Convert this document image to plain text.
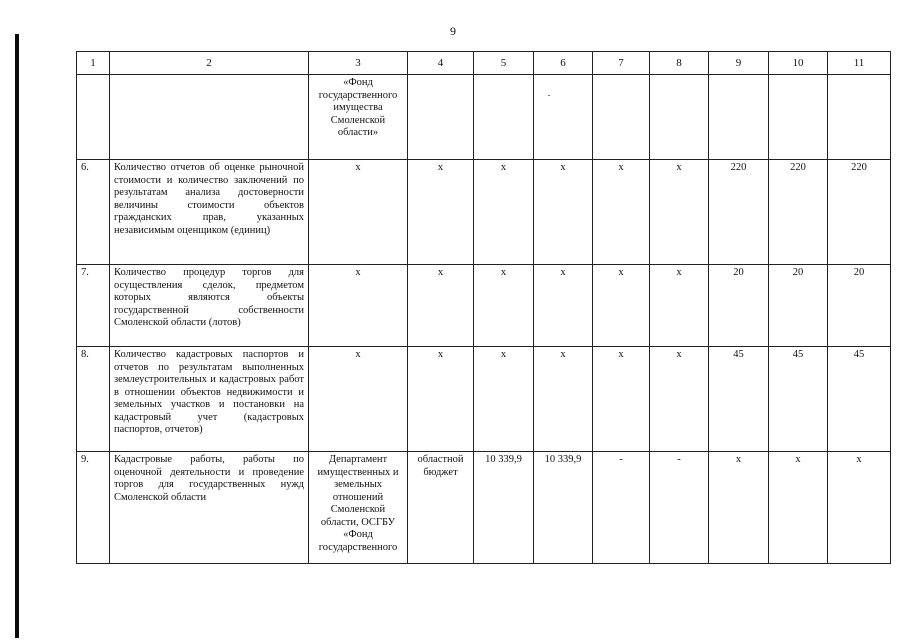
9
1	2	3	4	5	6	7	8	9	10	11
		«Фонд государственного имущества Смоленской области»			

6.	Количество отчетов об оценке рыночной стоимости и количество заключений по результатам анализа достоверности величины стоимости объектов гражданских прав, указанных независимым оценщиком (единиц)	х	х	х	х	х	х	220	220	220
7.	Количество процедур торгов для осуществления сделок, предметом которых являются объекты государственной собственности Смоленской области (лотов)	х	х	х	х	х	х	20	20	20
8.	Количество кадастровых паспортов и отчетов по результатам выполненных землеустроительных и кадастровых работ в отношении объектов недвижимости и земельных участков и постановки на кадастровый учет (кадастровых паспортов, отчетов)	х	х	х	х	х	х	45	45	45
9.	Кадастровые работы, работы по оценочной деятельности и проведение торгов для государственных нужд Смоленской области	Департамент имущественных и земельных отношений Смоленской области, ОСГБУ «Фонд государственного	областной бюджет	10 339,9	10 339,9	-	-	х	х	х
